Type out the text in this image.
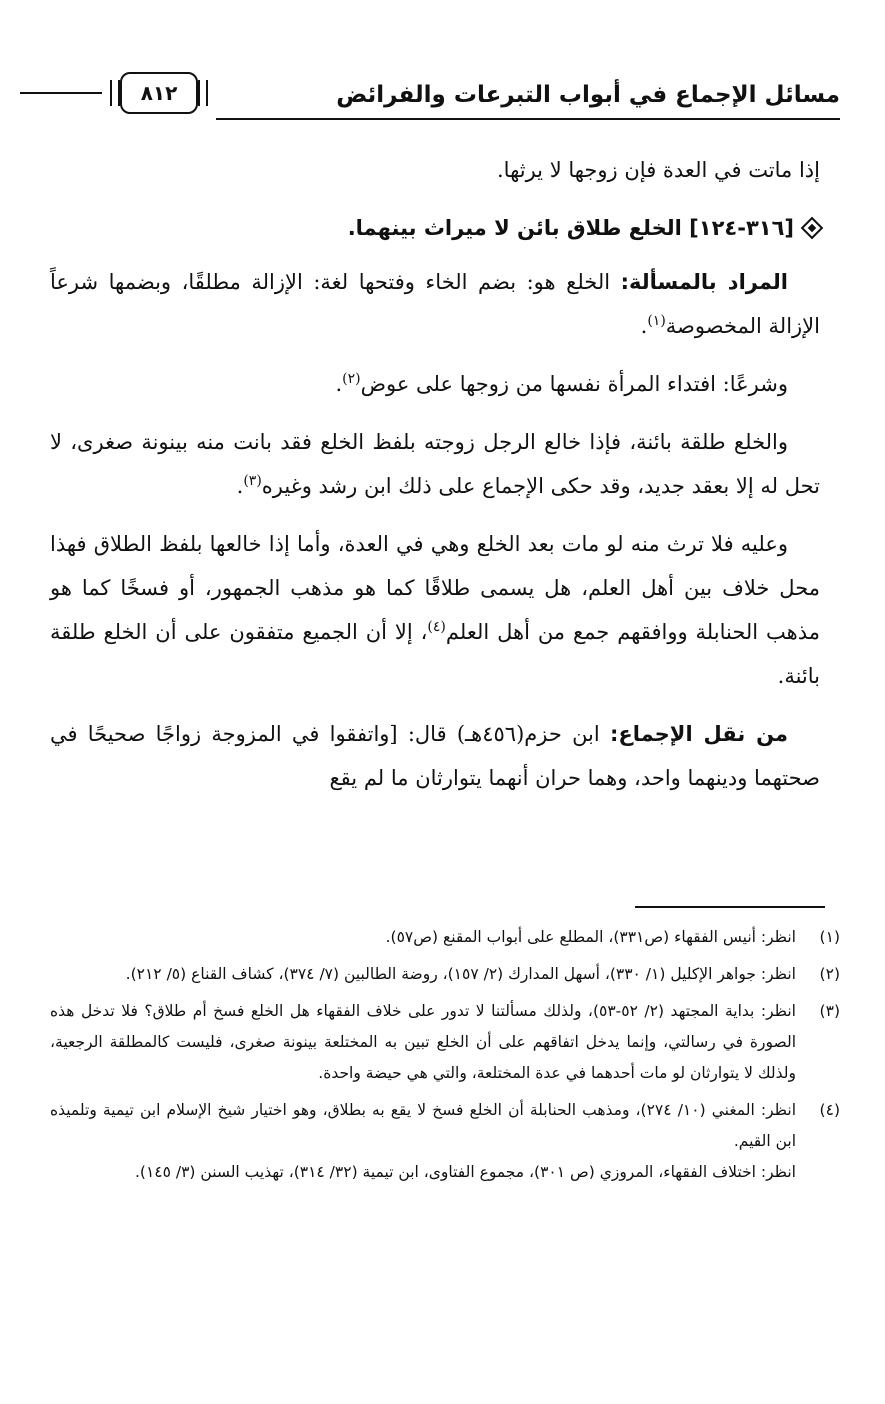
مسائل الإجماع في أبواب التبرعات والفرائض
٨١٢

إذا ماتت في العدة فإن زوجها لا يرثها.

[٣١٦-١٢٤] الخلع طلاق بائن لا ميراث بينهما.

المراد بالمسألة: الخلع هو: بضم الخاء وفتحها لغة: الإزالة مطلقًا، وبضمها شرعاً الإزالة المخصوصة$^{(١)}$.

وشرعًا: افتداء المرأة نفسها من زوجها على عوض$^{(٢)}$.

والخلع طلقة بائنة، فإذا خالع الرجل زوجته بلفظ الخلع فقد بانت منه بينونة صغرى، لا تحل له إلا بعقد جديد، وقد حكى الإجماع على ذلك ابن رشد وغيره$^{(٣)}$.

وعليه فلا ترث منه لو مات بعد الخلع وهي في العدة، وأما إذا خالعها بلفظ الطلاق فهذا محل خلاف بين أهل العلم، هل يسمى طلاقًا كما هو مذهب الجمهور، أو فسخًا كما هو مذهب الحنابلة ووافقهم جمع من أهل العلم$^{(٤)}$، إلا أن الجميع متفقون على أن الخلع طلقة بائنة.

من نقل الإجماع: ابن حزم(٤٥٦هـ) قال: [واتفقوا في المزوجة زواجًا صحيحًا في صحتهما ودينهما واحد، وهما حران أنهما يتوارثان ما لم يقع

(١)
انظر: أنيس الفقهاء (ص٣٣١)، المطلع على أبواب المقنع (ص٥٧).
(٢)
انظر: جواهر الإكليل (١/ ٣٣٠)، أسهل المدارك (٢/ ١٥٧)، روضة الطالبين (٧/ ٣٧٤)، كشاف القناع (٥/ ٢١٢).
(٣)
انظر: بداية المجتهد (٢/ ٥٢-٥٣)، ولذلك مسألتنا لا تدور على خلاف الفقهاء هل الخلع فسخ أم طلاق؟ فلا تدخل هذه الصورة في رسالتي، وإنما يدخل اتفاقهم على أن الخلع تبين به المختلعة بينونة صغرى، فليست كالمطلقة الرجعية، ولذلك لا يتوارثان لو مات أحدهما في عدة المختلعة، والتي هي حيضة واحدة.
(٤)
انظر: المغني (١٠/ ٢٧٤)، ومذهب الحنابلة أن الخلع فسخ لا يقع به بطلاق، وهو اختيار شيخ الإسلام ابن تيمية وتلميذه ابن القيم.
انظر: اختلاف الفقهاء، المروزي (ص ٣٠١)، مجموع الفتاوى، ابن تيمية (٣٢/ ٣١٤)، تهذيب السنن (٣/ ١٤٥).
